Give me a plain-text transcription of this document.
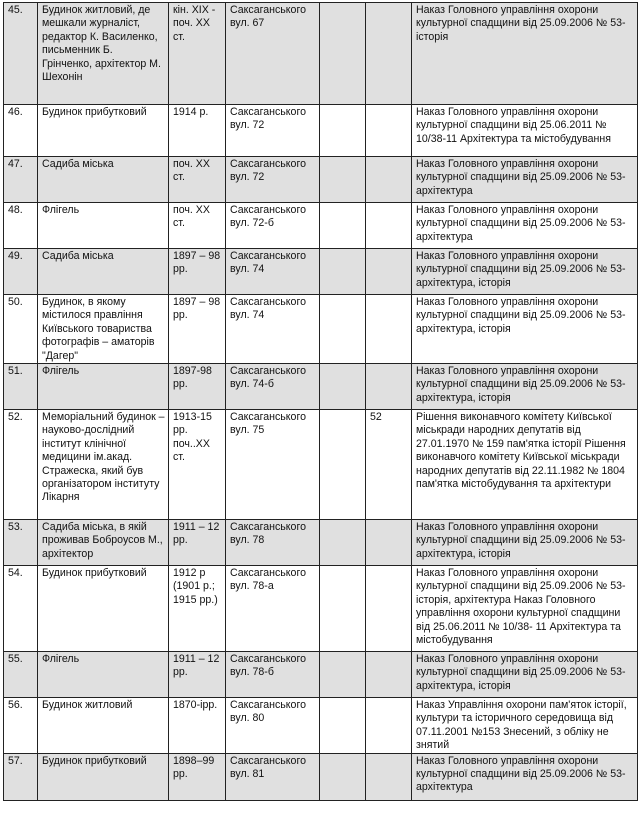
45.	Будинок житловий, де мешкали журналіст, редактор К. Василенко, письменник Б. Грінченко, архітектор М. Шехонін	кін. ХІХ - поч. ХХ ст.	Саксаганського вул. 67			Наказ Головного управління охорони культурної спадщини від 25.09.2006 № 53- історія
46.	Будинок прибутковий	1914 р.	Саксаганського вул. 72			Наказ Головного управління охорони культурної спадщини від 25.06.2011 № 10/38-11 Архітектура та містобудування
47.	Садиба міська	поч. ХХ ст.	Саксаганського вул. 72			Наказ Головного управління охорони культурної спадщини від 25.09.2006 № 53- архітектура
48.	Флігель	поч. ХХ ст.	Саксаганського вул. 72-б			Наказ Головного управління охорони культурної спадщини від 25.09.2006 № 53- архітектура
49.	Садиба міська	1897 – 98 рр.	Саксаганського вул. 74			Наказ Головного управління охорони культурної спадщини від 25.09.2006 № 53- архітектура, історія
50.	Будинок, в якому містилося правління Київського товариства фотографів – аматорів "Дагер"	1897 – 98 рр.	Саксаганського вул. 74			Наказ Головного управління охорони культурної спадщини від 25.09.2006 № 53- архітектура, історія
51.	Флігель	1897-98 рр.	Саксаганського вул. 74-б			Наказ Головного управління охорони культурної спадщини від 25.09.2006 № 53- архітектура, історія
52.	Меморіальний будинок – науково-дослідний інститут клінічної медицини ім.акад. Стражеска, який був організатором інституту Лікарня	1913-15 рр. поч..ХХ ст.	Саксаганського вул. 75		52	Рішення виконавчого комітету Київської міськради народних депутатів від 27.01.1970 № 159 пам'ятка історії Рішення виконавчого комітету Київської міськради народних депутатів від 22.11.1982 № 1804 пам'ятка містобудування та архітектури
53.	Садиба міська, в якій проживав Боброусов М., архітектор	1911 – 12 рр.	Саксаганського вул. 78			Наказ Головного управління охорони культурної спадщини від 25.09.2006 № 53- архітектура, історія
54.	Будинок прибутковий	1912 р (1901 р.; 1915 рр.)	Саксаганського вул. 78-а			Наказ Головного управління охорони культурної спадщини від 25.09.2006 № 53- історія, архітектура Наказ Головного управління охорони культурної спадщини від 25.06.2011 № 10/38- 11 Архітектура та містобудування
55.	Флігель	1911 – 12 рр.	Саксаганського вул. 78-б			Наказ Головного управління охорони культурної спадщини від 25.09.2006 № 53- архітектура, історія
56.	Будинок житловий	1870-ірр.	Саксаганського вул. 80			Наказ Управління охорони пам'яток історії, культури та історичного середовища від 07.11.2001 №153 Знесений, з обліку не знятий
57.	Будинок прибутковий	1898–99 рр.	Саксаганського вул. 81			Наказ Головного управління охорони культурної спадщини від 25.09.2006 № 53- архітектура
